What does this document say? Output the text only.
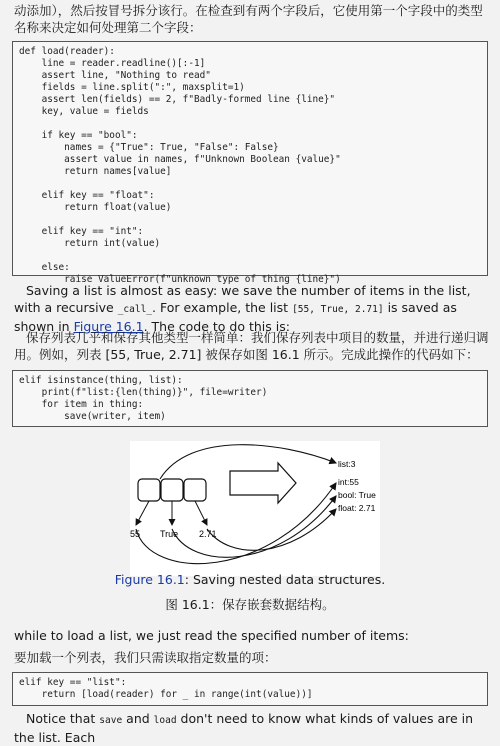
动添加），然后按冒号拆分该行。在检查到有两个字段后，它使用第一个字段中的类型名称来决定如何处理第二个字段：

def load(reader):
line = reader.readline()[:-1]
assert line, "Nothing to read"
fields = line.split(":", maxsplit=1)
assert len(fields) == 2, f"Badly-formed line {line}"
key, value = fields
if key == "bool":
names = {"True": True, "False": False}
assert value in names, f"Unknown Boolean {value}"
return names[value]
elif key == "float":
return float(value)
elif key == "int":
return int(value)
else:
raise ValueError(f"unknown type of thing {line}")

Saving a list is almost as easy: we save the number of items in the list, with a recursive _call_. For example, the list [55, True, 2.71] is saved as shown in Figure 16.1. The code to do this is:

保存列表几乎和保存其他类型一样简单：我们保存列表中项目的数量，并进行递归调用。例如，列表 [55, True, 2.71] 被保存如图 16.1 所示。完成此操作的代码如下：

elif isinstance(thing, list):
print(f"list:{len(thing)}", file=writer)
for item in thing:
save(writer, item)
55 True 2.71
list:3
int:55
bool: True
float: 2.71
Figure 16.1: Saving nested data structures.
图 16.1：保存嵌套数据结构。

while to load a list, we just read the specified number of items:

要加载一个列表，我们只需读取指定数量的项：

elif key == "list":
return [load(reader) for _ in range(int(value))]

Notice that save and load don't need to know what kinds of values are in the list. Each
